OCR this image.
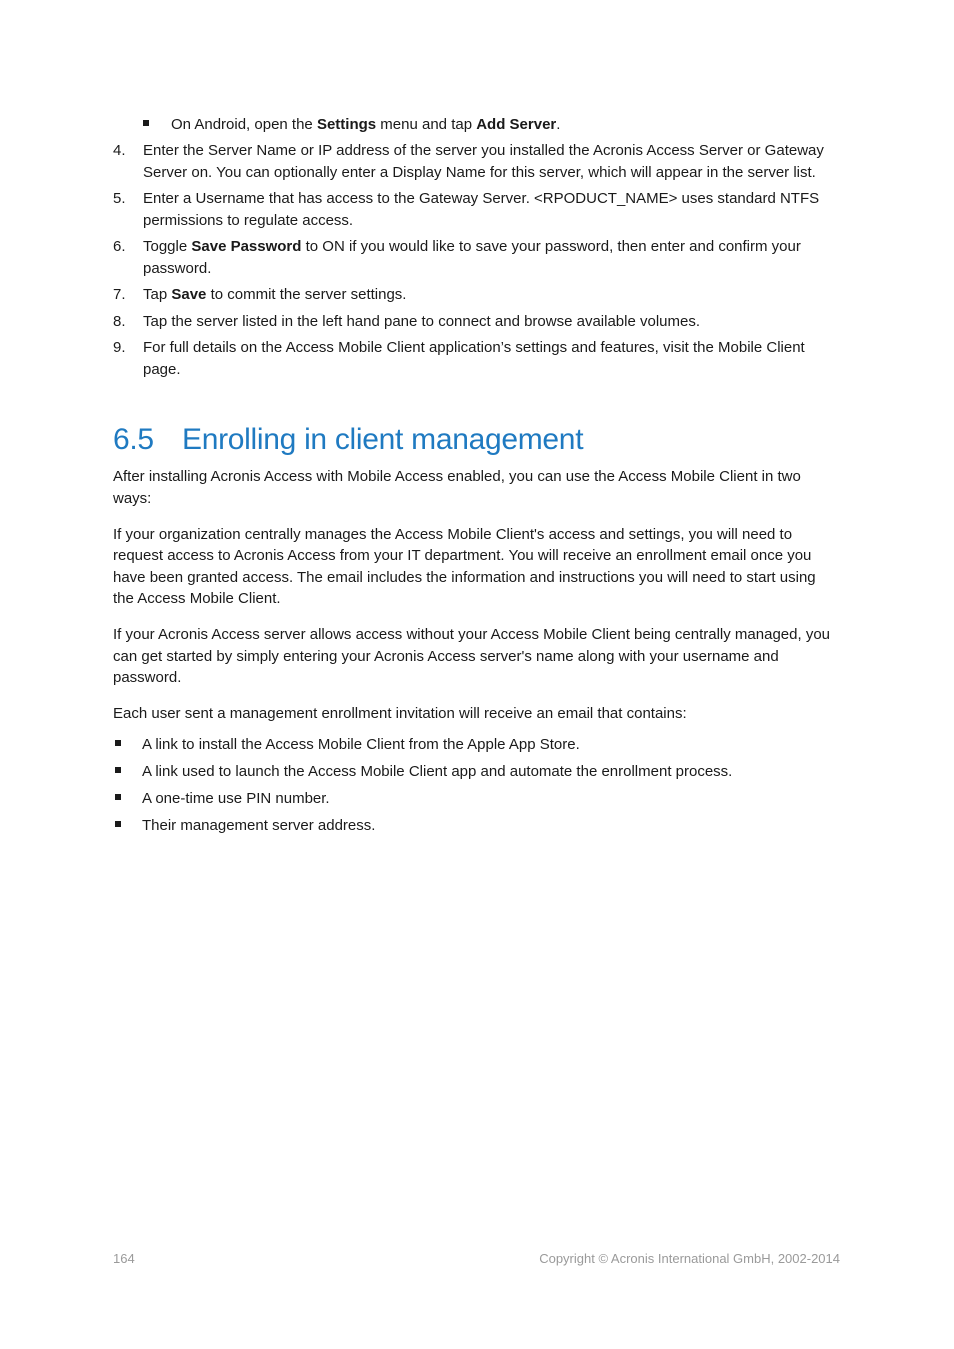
On Android, open the Settings menu and tap Add Server.
4. Enter the Server Name or IP address of the server you installed the Acronis Access Server or Gateway Server on. You can optionally enter a Display Name for this server, which will appear in the server list.
5. Enter a Username that has access to the Gateway Server. <RPODUCT_NAME> uses standard NTFS permissions to regulate access.
6. Toggle Save Password to ON if you would like to save your password, then enter and confirm your password.
7. Tap Save to commit the server settings.
8. Tap the server listed in the left hand pane to connect and browse available volumes.
9. For full details on the Access Mobile Client application’s settings and features, visit the Mobile Client page.
6.5 Enrolling in client management

After installing Acronis Access with Mobile Access enabled, you can use the Access Mobile Client in two ways:

If your organization centrally manages the Access Mobile Client's access and settings, you will need to request access to Acronis Access from your IT department. You will receive an enrollment email once you have been granted access. The email includes the information and instructions you will need to start using the Access Mobile Client.

If your Acronis Access server allows access without your Access Mobile Client being centrally managed, you can get started by simply entering your Acronis Access server's name along with your username and password.

Each user sent a management enrollment invitation will receive an email that contains:

A link to install the Access Mobile Client from the Apple App Store.
A link used to launch the Access Mobile Client app and automate the enrollment process.
A one-time use PIN number.
Their management server address.
164	Copyright © Acronis International GmbH, 2002-2014
